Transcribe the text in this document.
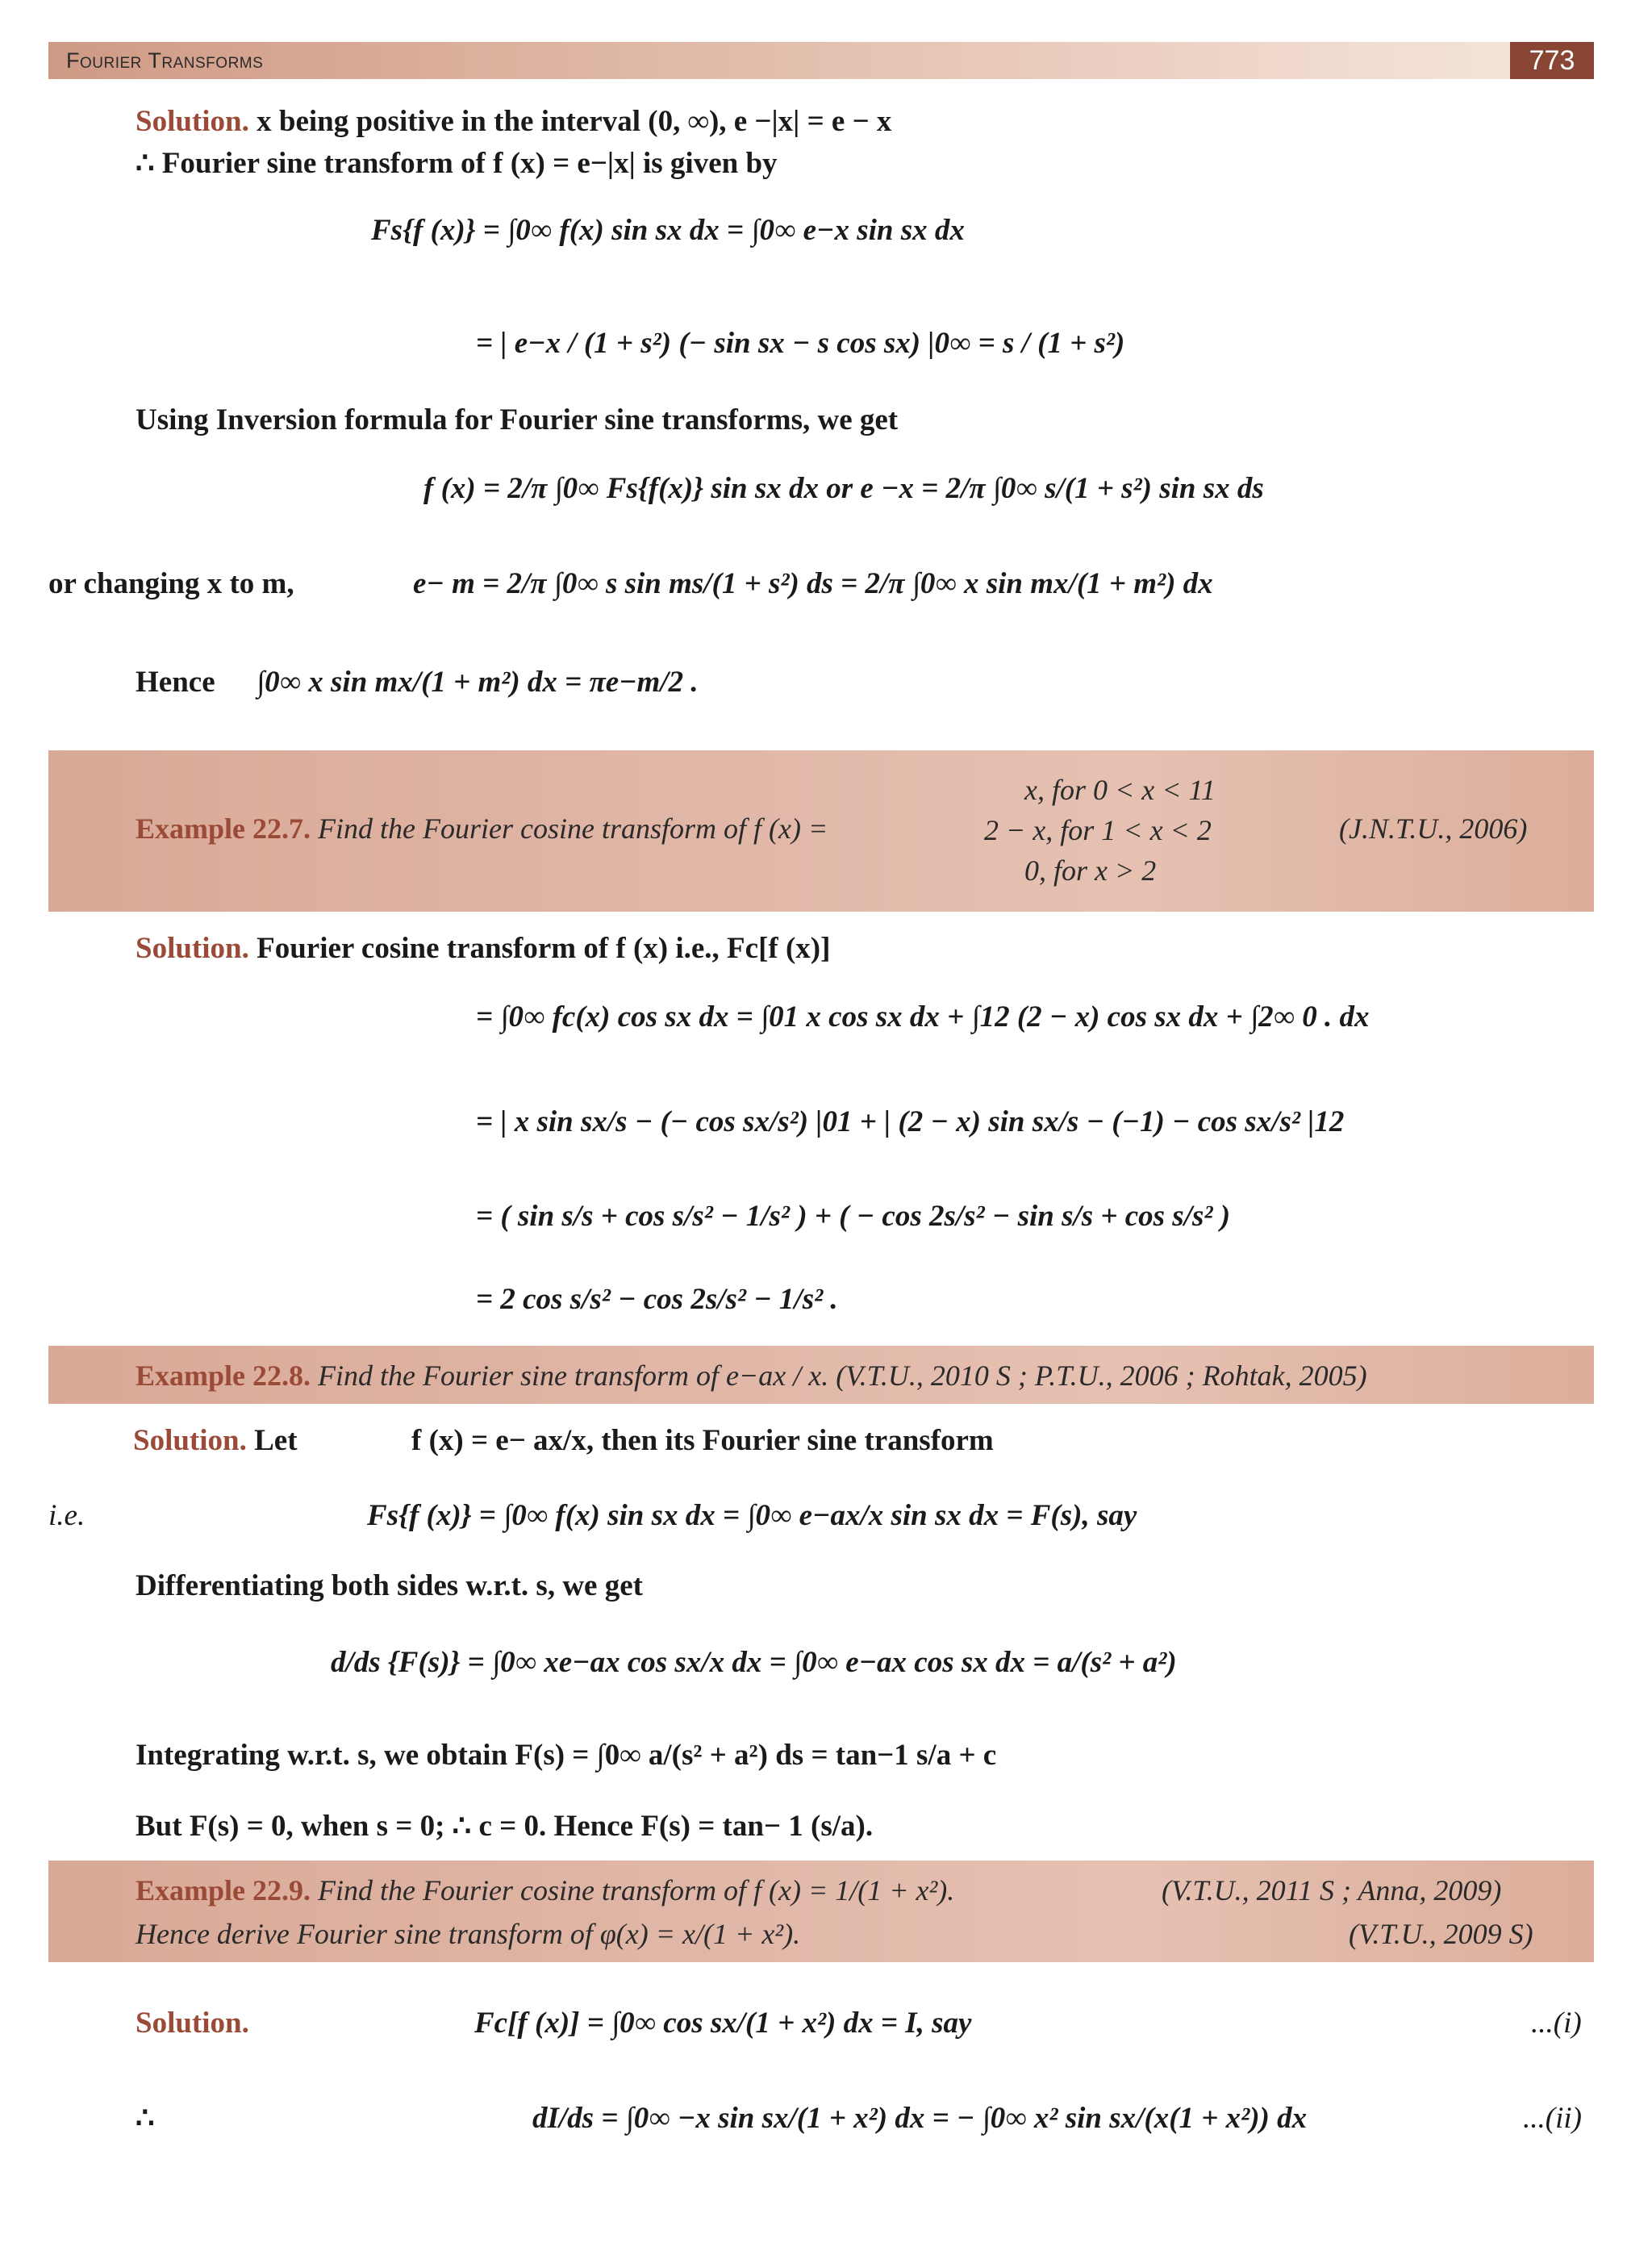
Fourier Transforms	773
Solution. x being positive in the interval (0, ∞), e −|x| = e − x
∴ Fourier sine transform of f (x) = e−|x| is given by
Fs{f (x)} = ∫0∞ f(x) sin sx dx = ∫0∞ e−x sin sx dx
= | e−x / (1 + s²) (− sin sx − s cos sx) |0∞ = s / (1 + s²)
Using Inversion formula for Fourier sine transforms, we get
f (x) = 2/π ∫0∞ Fs{f(x)} sin sx dx or e −x = 2/π ∫0∞ s/(1 + s²) sin sx ds
or changing x to m,	e− m = 2/π ∫0∞ s sin ms/(1 + s²) ds = 2/π ∫0∞ x sin mx/(1 + m²) dx
Hence ∫0∞ x sin mx/(1 + m²) dx = πe−m/2 .
Example 22.7. Find the Fourier cosine transform of f (x) =
x, for 0 < x < 11
2 − x, for 1 < x < 2
0, for x > 2
(J.N.T.U., 2006)
Solution. Fourier cosine transform of f (x) i.e., Fc[f (x)]
= ∫0∞ fc(x) cos sx dx = ∫01 x cos sx dx + ∫12 (2 − x) cos sx dx + ∫2∞ 0 . dx
= | x sin sx/s − (− cos sx/s²) |01 + | (2 − x) sin sx/s − (−1) − cos sx/s² |12
= ( sin s/s + cos s/s² − 1/s² ) + ( − cos 2s/s² − sin s/s + cos s/s² )
= 2 cos s/s² − cos 2s/s² − 1/s² .
Example 22.8. Find the Fourier sine transform of e−ax / x. (V.T.U., 2010 S ; P.T.U., 2006 ; Rohtak, 2005)
Solution. Let	f (x) = e− ax/x, then its Fourier sine transform
i.e.	Fs{f (x)} = ∫0∞ f(x) sin sx dx = ∫0∞ e−ax/x sin sx dx = F(s), say
Differentiating both sides w.r.t. s, we get
d/ds {F(s)} = ∫0∞ xe−ax cos sx/x dx = ∫0∞ e−ax cos sx dx = a/(s² + a²)
Integrating w.r.t. s, we obtain F(s) = ∫0∞ a/(s² + a²) ds = tan−1 s/a + c
But F(s) = 0, when s = 0; ∴ c = 0. Hence F(s) = tan− 1 (s/a).
Example 22.9. Find the Fourier cosine transform of f (x) = 1/(1 + x²).
Hence derive Fourier sine transform of φ(x) = x/(1 + x²).
(V.T.U., 2011 S ; Anna, 2009)
(V.T.U., 2009 S)
Solution.	Fc[f (x)] = ∫0∞ cos sx/(1 + x²) dx = I, say	...(i)
∴	dI/ds = ∫0∞ −x sin sx/(1 + x²) dx = − ∫0∞ x² sin sx/(x(1 + x²)) dx	...(ii)
